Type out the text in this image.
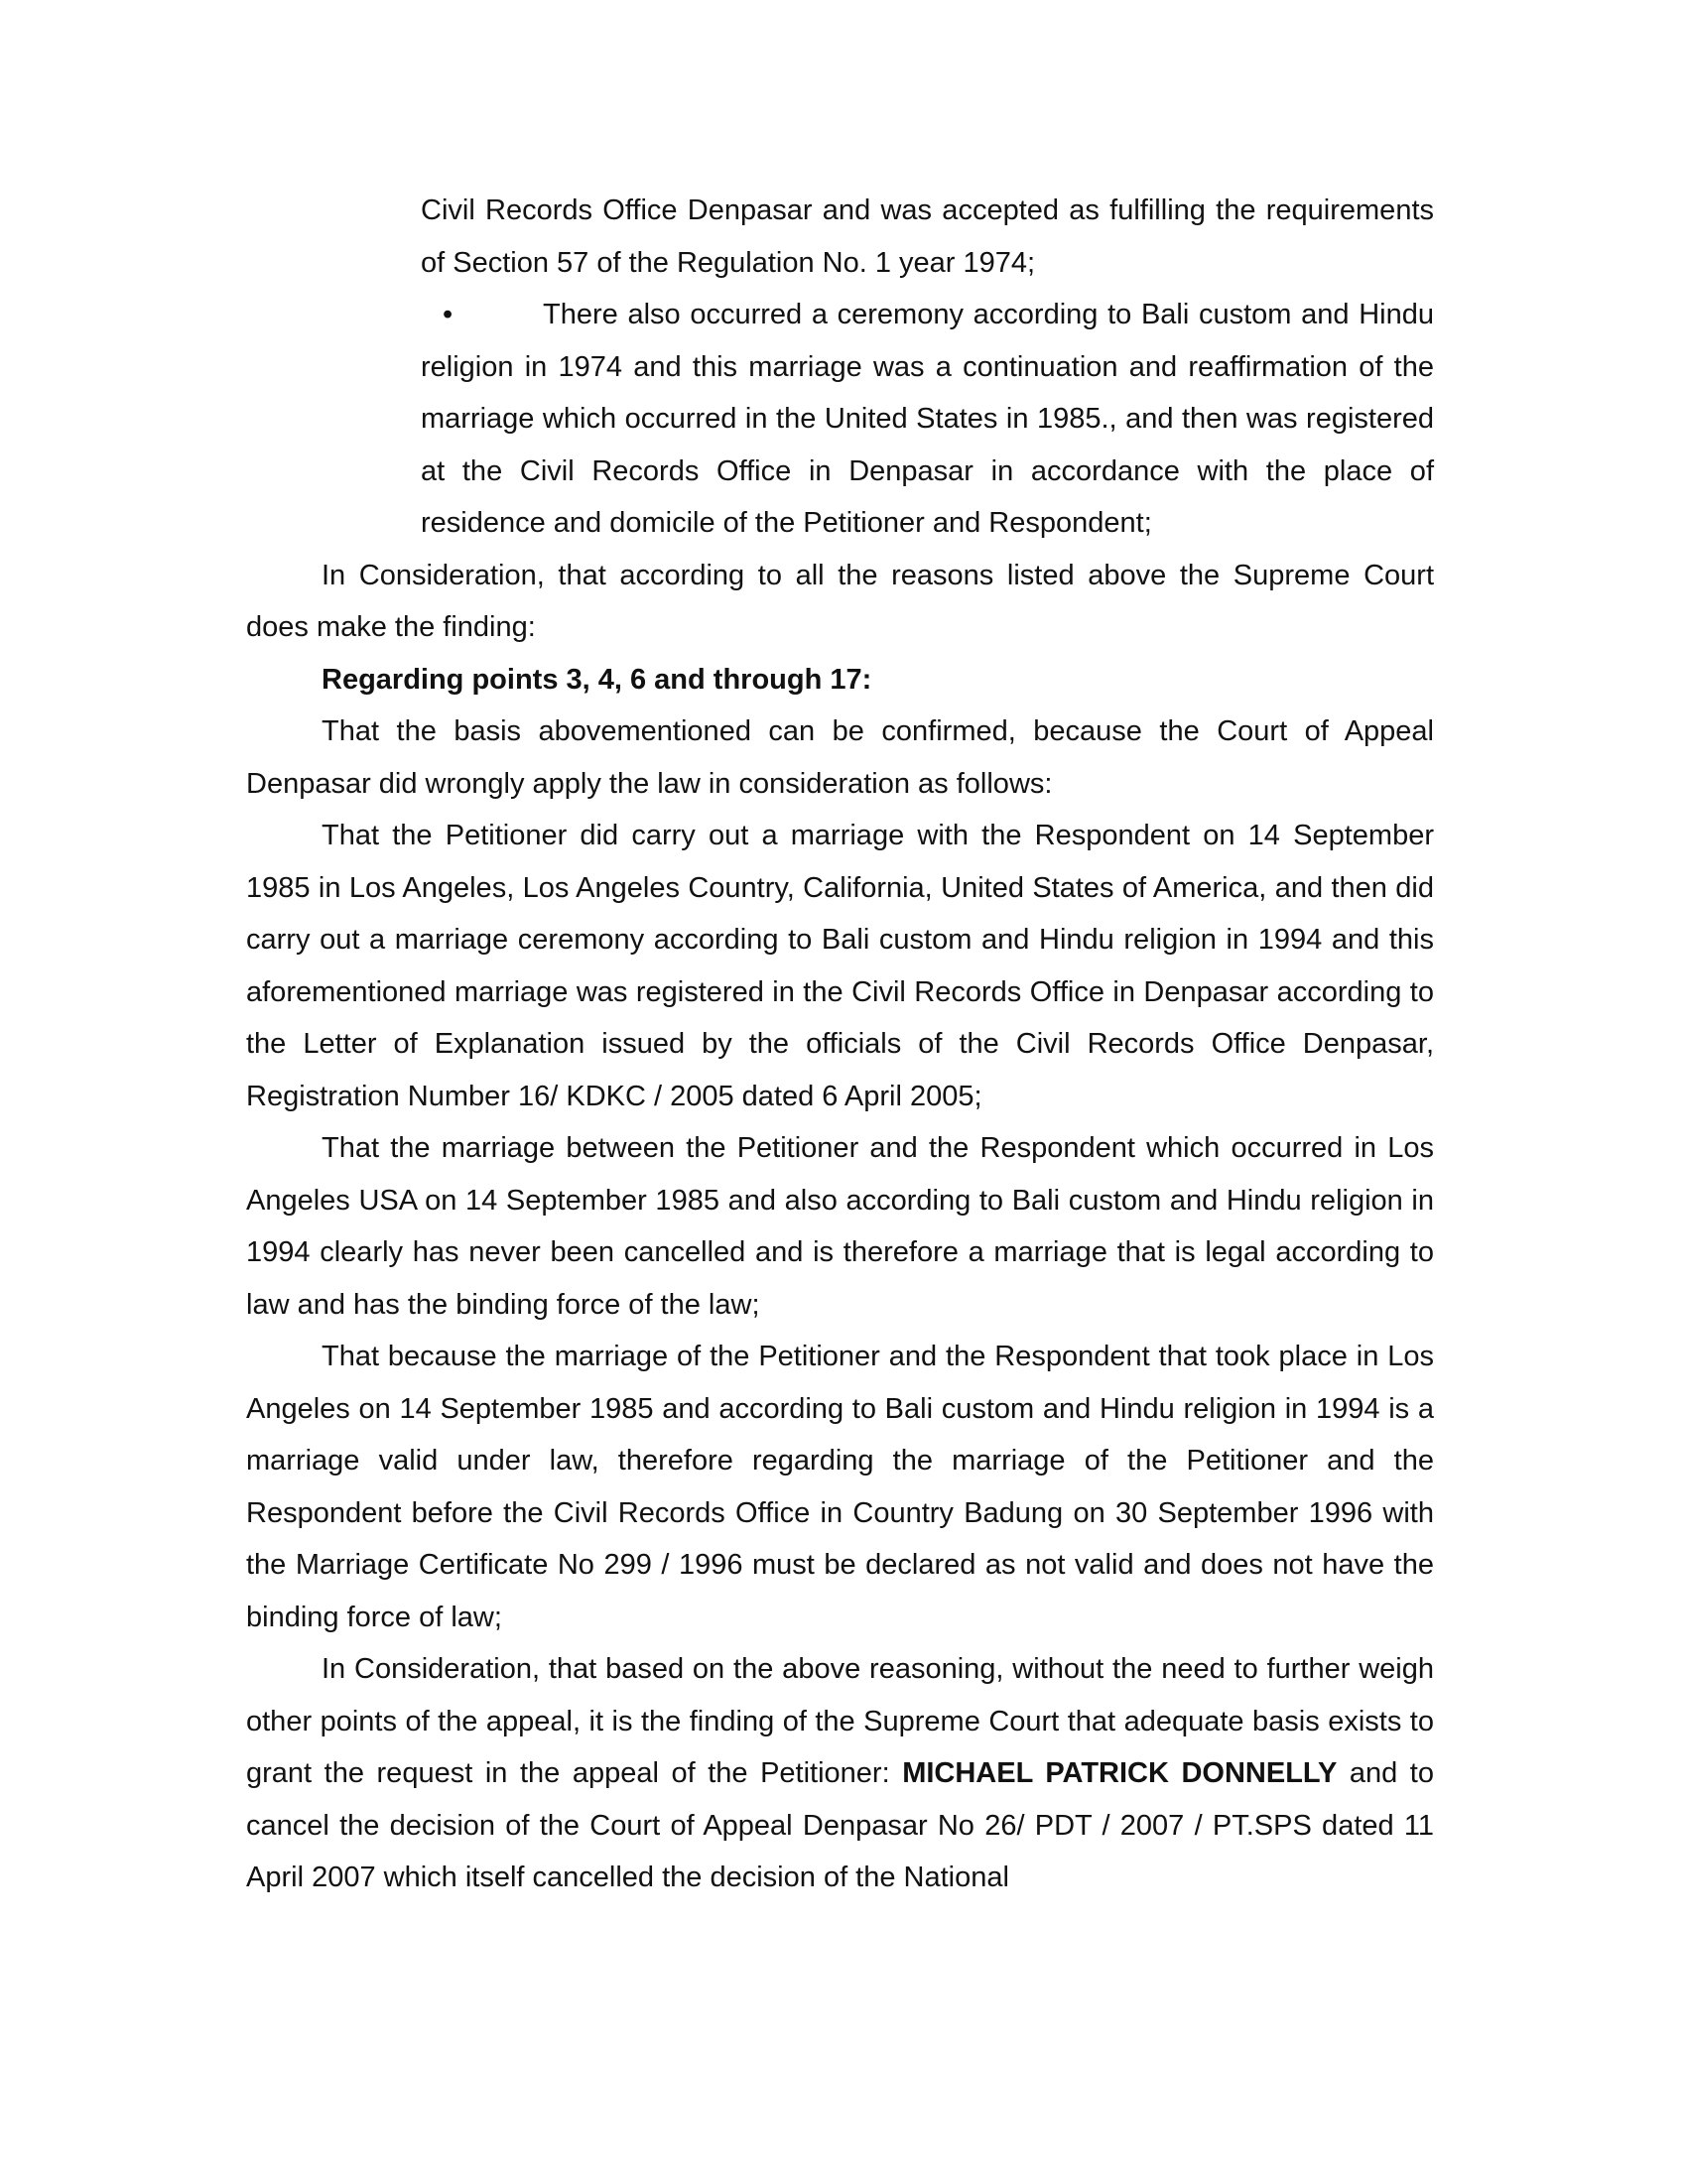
Civil Records Office Denpasar and was accepted as fulfilling the requirements of Section 57 of the Regulation No. 1 year 1974;

•	There also occurred a ceremony according to Bali custom and Hindu religion in 1974 and this marriage was a continuation and reaffirmation of the marriage which occurred in the United States in 1985., and then was registered at the Civil Records Office in Denpasar in accordance with the place of residence and domicile of the Petitioner and Respondent;

In Consideration, that according to all the reasons listed above the Supreme Court does make the finding:

Regarding points 3, 4, 6 and through 17:

That the basis abovementioned can be confirmed, because the Court of Appeal Denpasar did wrongly apply the law in consideration as follows:

That the Petitioner did carry out a marriage with the Respondent on 14 September 1985 in Los Angeles, Los Angeles Country, California, United States of America, and then did carry out a marriage ceremony according to Bali custom and Hindu religion in 1994 and this aforementioned marriage was registered in the Civil Records Office in Denpasar according to the Letter of Explanation issued by the officials of the Civil Records Office Denpasar, Registration Number 16/ KDKC / 2005 dated 6 April 2005;

That the marriage between the Petitioner and the Respondent which occurred in Los Angeles USA on 14 September 1985 and also according to Bali custom and Hindu religion in 1994 clearly has never been cancelled and is therefore a marriage that is legal according to law and has the binding force of the law;

That because the marriage of the Petitioner and the Respondent that took place in Los Angeles on 14 September 1985 and according to Bali custom and Hindu religion in 1994 is a marriage valid under law, therefore regarding the marriage of the Petitioner and the Respondent before the Civil Records Office in Country Badung on 30 September 1996 with the Marriage Certificate No 299 / 1996 must be declared as not valid and does not have the binding force of law;

In Consideration, that based on the above reasoning, without the need to further weigh other points of the appeal, it is the finding of the Supreme Court that adequate basis exists to grant the request in the appeal of the Petitioner: MICHAEL PATRICK DONNELLY and to cancel the decision of the Court of Appeal Denpasar No 26/ PDT / 2007 / PT.SPS dated 11 April 2007 which itself cancelled the decision of the National
